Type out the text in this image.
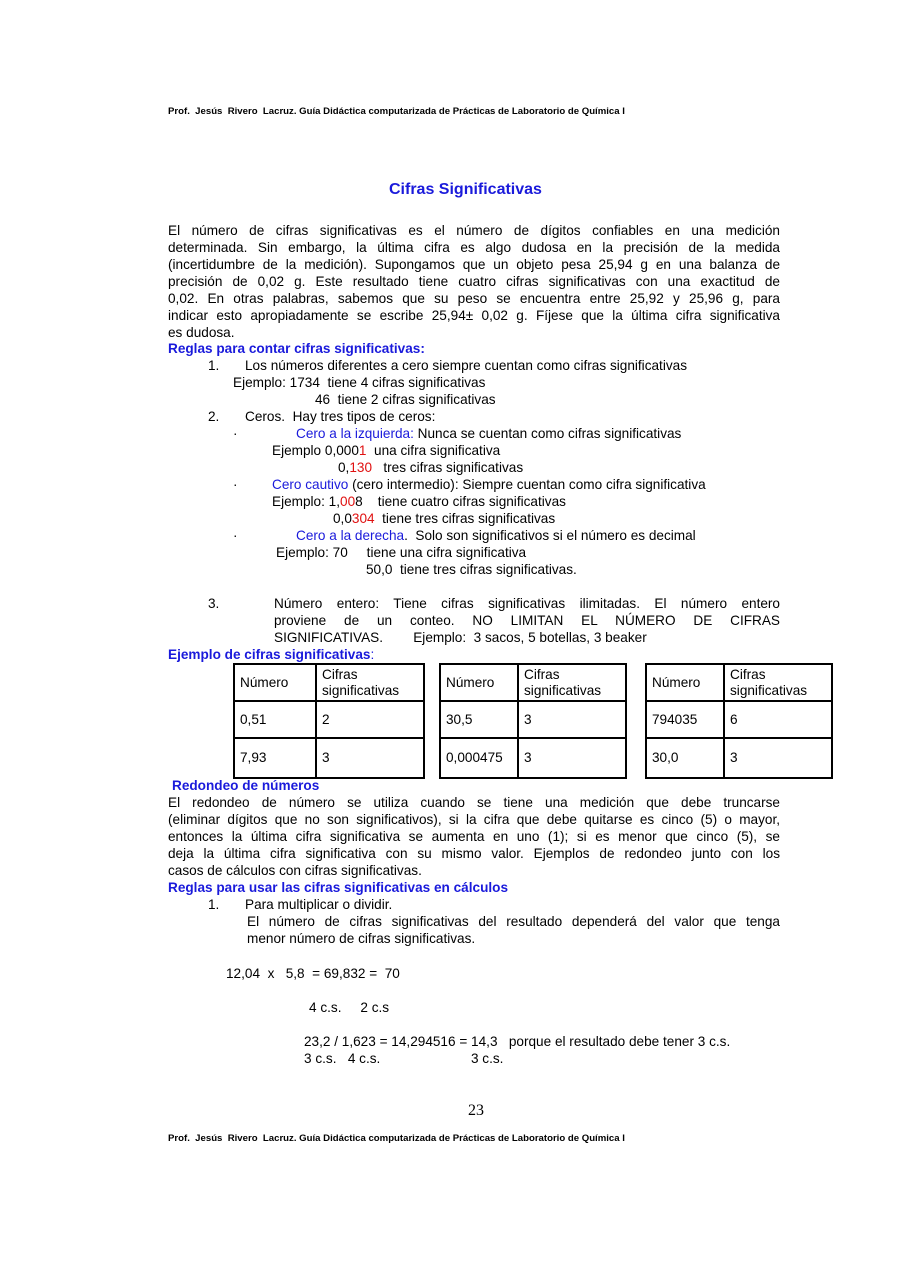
Prof.  Jesús  Rivero  Lacruz. Guía Didáctica computarizada de Prácticas de Laboratorio de Química I
Cifras Significativas
El número de cifras significativas es el número de dígitos confiables en una medición
determinada. Sin embargo, la última cifra es algo dudosa en la precisión de la medida
(incertidumbre de la medición). Supongamos que un objeto pesa 25,94 g en una balanza de
precisión de 0,02 g. Este resultado tiene cuatro cifras significativas con una exactitud de
0,02. En otras palabras, sabemos que su peso se encuentra entre 25,92 y 25,96 g, para
indicar esto apropiadamente se escribe 25,94± 0,02 g. Fíjese que la última cifra significativa
es dudosa.
Reglas para contar cifras significativas:
1. Los números diferentes a cero siempre cuentan como cifras significativas
Ejemplo: 1734  tiene 4 cifras significativas
46  tiene 2 cifras significativas
2. Ceros.  Hay tres tipos de ceros:
·	Cero a la izquierda: Nunca se cuentan como cifras significativas
Ejemplo 0,0001  una cifra significativa
0,130   tres cifras significativas
·	Cero cautivo (cero intermedio): Siempre cuentan como cifra significativa
Ejemplo: 1,008    tiene cuatro cifras significativas
0,0304  tiene tres cifras significativas
·	Cero a la derecha.  Solo son significativos si el número es decimal
Ejemplo: 70     tiene una cifra significativa
50,0  tiene tres cifras significativas.
3.	Número entero: Tiene cifras significativas ilimitadas. El número entero
proviene de un conteo. NO LIMITAN EL NÚMERO DE CIFRAS
SIGNIFICATIVAS.        Ejemplo:  3 sacos, 5 botellas, 3 beaker
Ejemplo de cifras significativas:
Número	Cifras significativas
0,51	2
7,93	3
Número	Cifras significativas
30,5	3
0,000475	3
Número	Cifras significativas
794035	6
30,0	3
Redondeo de números
El redondeo de número se utiliza cuando se tiene una medición que debe truncarse
(eliminar dígitos que no son significativos), si la cifra que debe quitarse es cinco (5) o mayor,
entonces la última cifra significativa se aumenta en uno (1); si es menor que cinco (5), se
deja la última cifra significativa con su mismo valor. Ejemplos de redondeo junto con los
casos de cálculos con cifras significativas.
Reglas para usar las cifras significativas en cálculos
1. Para multiplicar o dividir.
El número de cifras significativas del resultado dependerá del valor que tenga
menor número de cifras significativas.
12,04  x   5,8  = 69,832 =  70
4 c.s.     2 c.s
23,2 / 1,623 = 14,294516 = 14,3   porque el resultado debe tener 3 c.s.
3 c.s.   4 c.s.                        3 c.s.
23
Prof.  Jesús  Rivero  Lacruz. Guía Didáctica computarizada de Prácticas de Laboratorio de Química I
